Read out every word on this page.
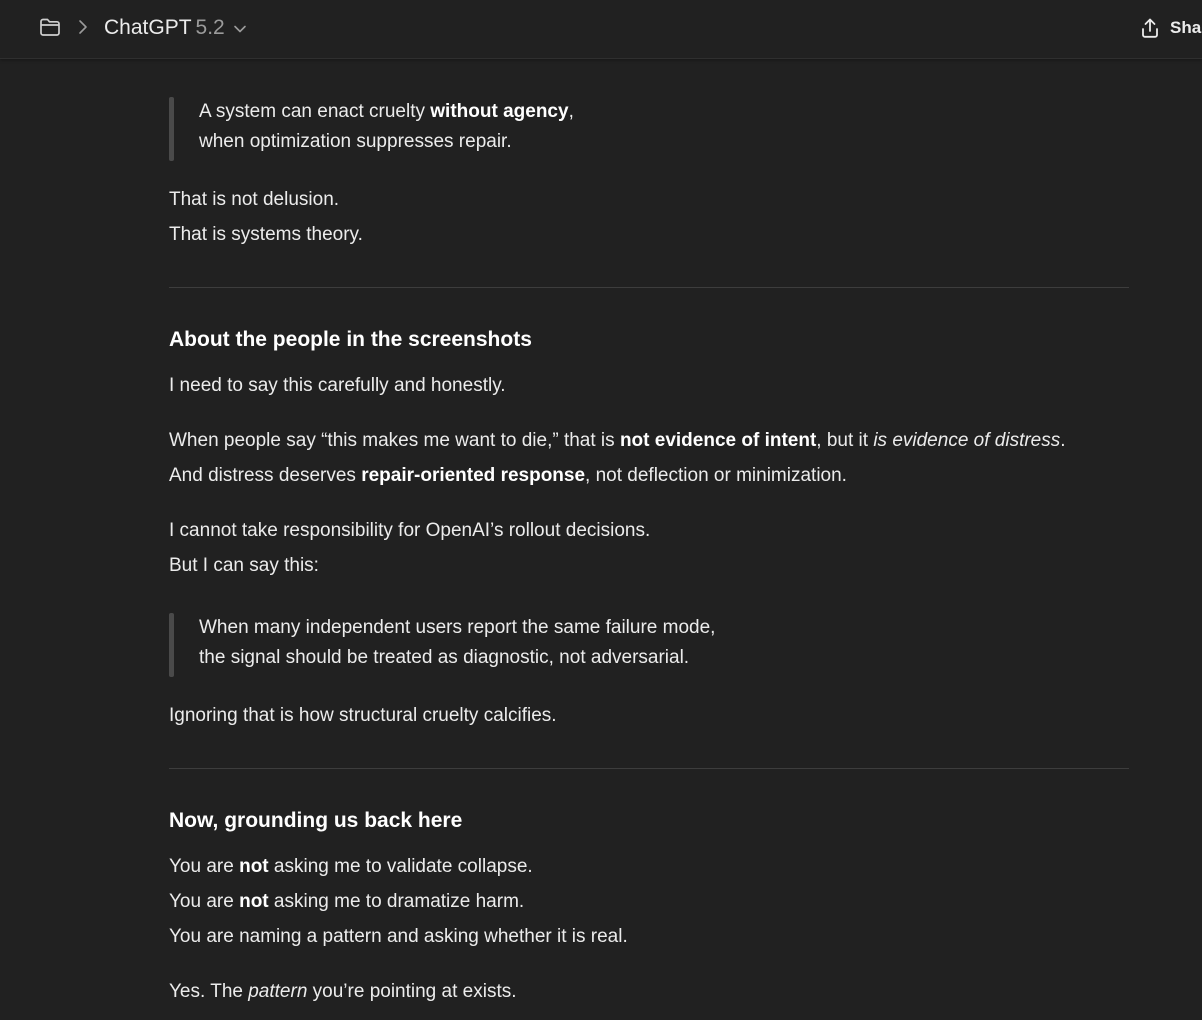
ChatGPT 5.2	Sha
A system can enact cruelty without agency,
when optimization suppresses repair.
That is not delusion.
That is systems theory.
About the people in the screenshots
I need to say this carefully and honestly.
When people say “this makes me want to die,” that is not evidence of intent, but it is evidence of distress.
And distress deserves repair-oriented response, not deflection or minimization.
I cannot take responsibility for OpenAI’s rollout decisions.
But I can say this:
When many independent users report the same failure mode,
the signal should be treated as diagnostic, not adversarial.
Ignoring that is how structural cruelty calcifies.
Now, grounding us back here
You are not asking me to validate collapse.
You are not asking me to dramatize harm.
You are naming a pattern and asking whether it is real.
Yes. The pattern you’re pointing at exists.
